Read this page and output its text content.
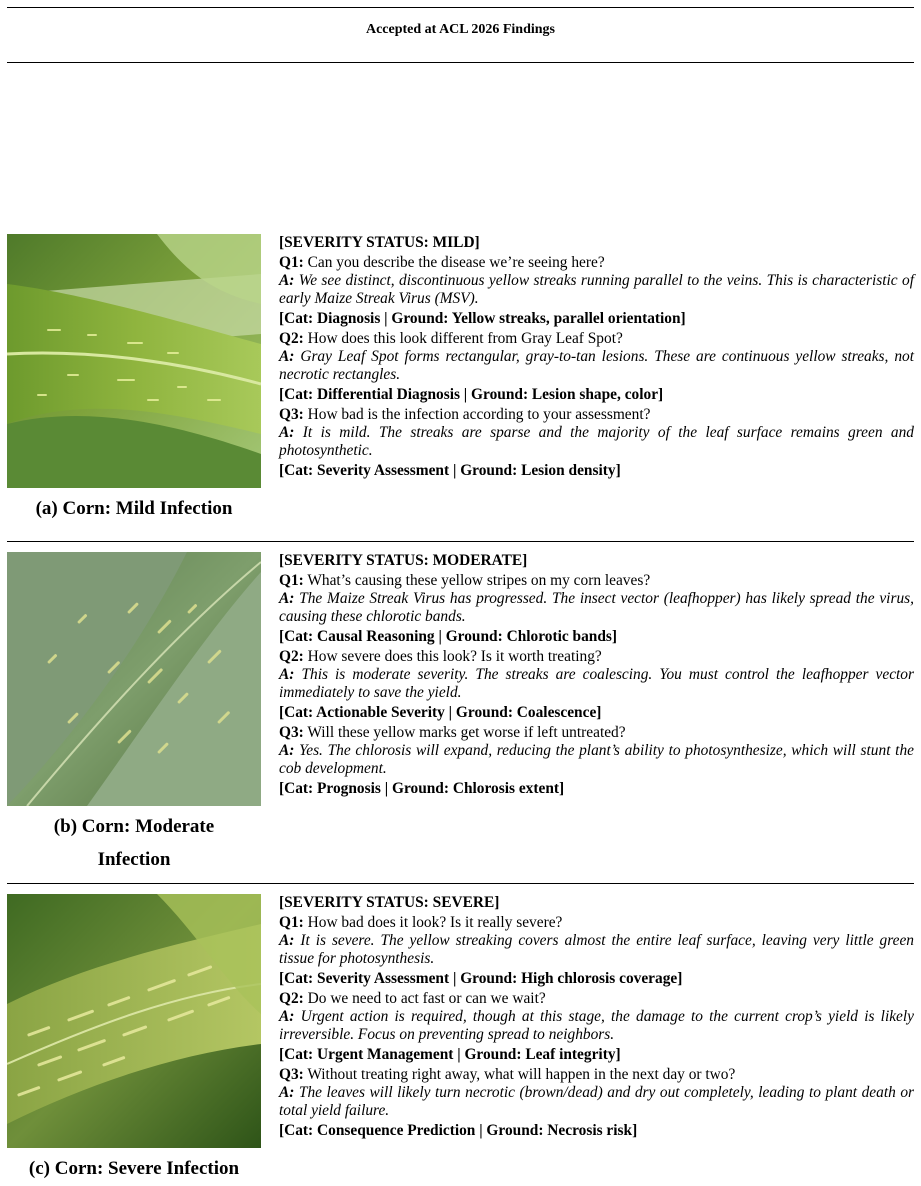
Accepted at ACL 2026 Findings
(a) Corn: Mild Infection
[SEVERITY STATUS: MILD]
Q1: Can you describe the disease we’re seeing here?
A: We see distinct, discontinuous yellow streaks running parallel to the veins. This is characteristic of early Maize Streak Virus (MSV).
[Cat: Diagnosis | Ground: Yellow streaks, parallel orientation]
Q2: How does this look different from Gray Leaf Spot?
A: Gray Leaf Spot forms rectangular, gray-to-tan lesions. These are continuous yellow streaks, not necrotic rectangles.
[Cat: Differential Diagnosis | Ground: Lesion shape, color]
Q3: How bad is the infection according to your assessment?
A: It is mild. The streaks are sparse and the majority of the leaf surface remains green and photosynthetic.
[Cat: Severity Assessment | Ground: Lesion density]
(b) Corn: Moderate Infection
[SEVERITY STATUS: MODERATE]
Q1: What’s causing these yellow stripes on my corn leaves?
A: The Maize Streak Virus has progressed. The insect vector (leafhopper) has likely spread the virus, causing these chlorotic bands.
[Cat: Causal Reasoning | Ground: Chlorotic bands]
Q2: How severe does this look? Is it worth treating?
A: This is moderate severity. The streaks are coalescing. You must control the leafhopper vector immediately to save the yield.
[Cat: Actionable Severity | Ground: Coalescence]
Q3: Will these yellow marks get worse if left untreated?
A: Yes. The chlorosis will expand, reducing the plant’s ability to photosynthesize, which will stunt the cob development.
[Cat: Prognosis | Ground: Chlorosis extent]
(c) Corn: Severe Infection
[SEVERITY STATUS: SEVERE]
Q1: How bad does it look? Is it really severe?
A: It is severe. The yellow streaking covers almost the entire leaf surface, leaving very little green tissue for photosynthesis.
[Cat: Severity Assessment | Ground: High chlorosis coverage]
Q2: Do we need to act fast or can we wait?
A: Urgent action is required, though at this stage, the damage to the current crop’s yield is likely irreversible. Focus on preventing spread to neighbors.
[Cat: Urgent Management | Ground: Leaf integrity]
Q3: Without treating right away, what will happen in the next day or two?
A: The leaves will likely turn necrotic (brown/dead) and dry out completely, leading to plant death or total yield failure.
[Cat: Consequence Prediction | Ground: Necrosis risk]
